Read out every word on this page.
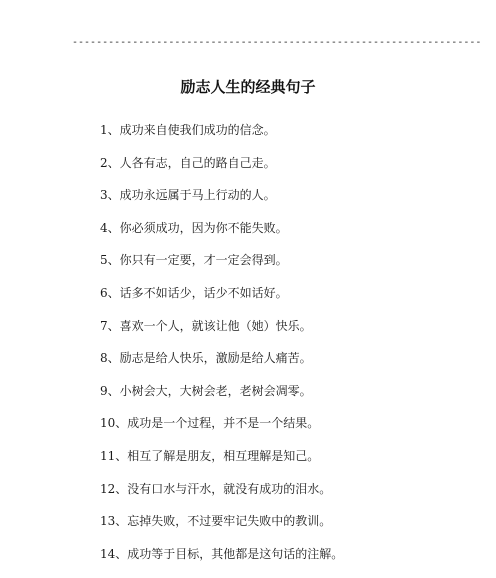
--------------------------------------------------------------------
励志人生的经典句子
1、成功来自使我们成功的信念。
2、人各有志，自己的路自己走。
3、成功永远属于马上行动的人。
4、你必须成功，因为你不能失败。
5、你只有一定要，才一定会得到。
6、话多不如话少，话少不如话好。
7、喜欢一个人，就该让他（她）快乐。
8、励志是给人快乐，激励是给人痛苦。
9、小树会大，大树会老，老树会凋零。
10、成功是一个过程，并不是一个结果。
11、相互了解是朋友，相互理解是知己。
12、没有口水与汗水，就没有成功的泪水。
13、忘掉失败，不过要牢记失败中的教训。
14、成功等于目标，其他都是这句话的注解。
